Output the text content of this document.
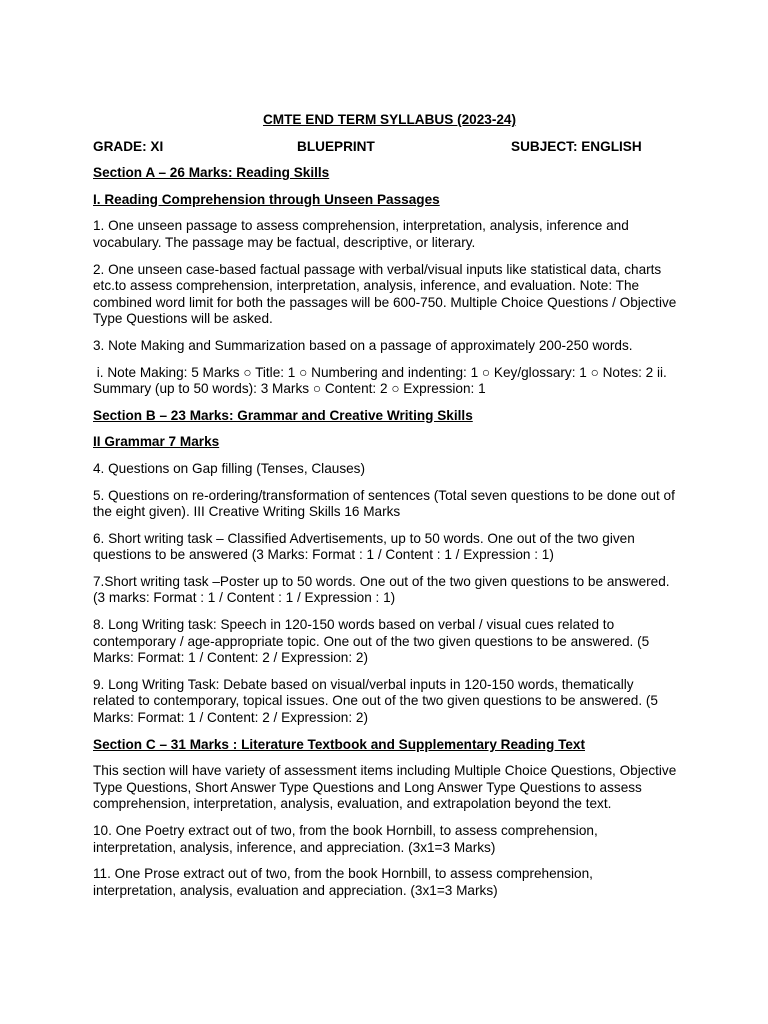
CMTE END TERM SYLLABUS (2023-24)
GRADE: XI	BLUEPRINT	SUBJECT: ENGLISH
Section A – 26 Marks: Reading Skills
I. Reading Comprehension through Unseen Passages

1. One unseen passage to assess comprehension, interpretation, analysis, inference and vocabulary. The passage may be factual, descriptive, or literary.

2. One unseen case-based factual passage with verbal/visual inputs like statistical data, charts etc.to assess comprehension, interpretation, analysis, inference, and evaluation. Note: The combined word limit for both the passages will be 600-750. Multiple Choice Questions / Objective Type Questions will be asked.

3. Note Making and Summarization based on a passage of approximately 200-250 words.

i. Note Making: 5 Marks ○ Title: 1 ○ Numbering and indenting: 1 ○ Key/glossary: 1 ○ Notes: 2 ii. Summary (up to 50 words): 3 Marks ○ Content: 2 ○ Expression: 1

Section B – 23 Marks: Grammar and Creative Writing Skills
II Grammar 7 Marks

4. Questions on Gap filling (Tenses, Clauses)

5. Questions on re-ordering/transformation of sentences (Total seven questions to be done out of the eight given). III Creative Writing Skills 16 Marks

6. Short writing task – Classified Advertisements, up to 50 words. One out of the two given questions to be answered (3 Marks: Format : 1 / Content : 1 / Expression : 1)

7.Short writing task –Poster up to 50 words. One out of the two given questions to be answered. (3 marks: Format : 1 / Content : 1 / Expression : 1)

8. Long Writing task: Speech in 120-150 words based on verbal / visual cues related to contemporary / age-appropriate topic. One out of the two given questions to be answered. (5 Marks: Format: 1 / Content: 2 / Expression: 2)

9. Long Writing Task: Debate based on visual/verbal inputs in 120-150 words, thematically related to contemporary, topical issues. One out of the two given questions to be answered. (5 Marks: Format: 1 / Content: 2 / Expression: 2)

Section C – 31 Marks : Literature Textbook and Supplementary Reading Text

This section will have variety of assessment items including Multiple Choice Questions, Objective Type Questions, Short Answer Type Questions and Long Answer Type Questions to assess comprehension, interpretation, analysis, evaluation, and extrapolation beyond the text.

10. One Poetry extract out of two, from the book Hornbill, to assess comprehension, interpretation, analysis, inference, and appreciation. (3x1=3 Marks)

11. One Prose extract out of two, from the book Hornbill, to assess comprehension, interpretation, analysis, evaluation and appreciation. (3x1=3 Marks)
